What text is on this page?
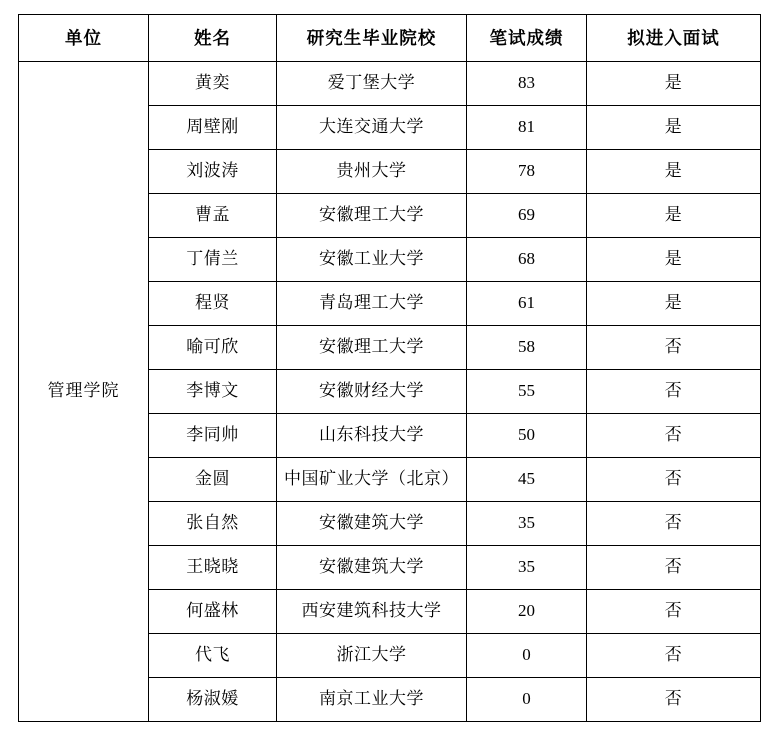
单位	姓名	研究生毕业院校	笔试成绩	拟进入面试
管理学院	黄奕	爱丁堡大学	83	是
	周壁刚	大连交通大学	81	是
	刘波涛	贵州大学	78	是
	曹孟	安徽理工大学	69	是
	丁倩兰	安徽工业大学	68	是
	程贤	青岛理工大学	61	是
	喻可欣	安徽理工大学	58	否
	李博文	安徽财经大学	55	否
	李同帅	山东科技大学	50	否
	金圆	中国矿业大学（北京）	45	否
	张自然	安徽建筑大学	35	否
	王晓晓	安徽建筑大学	35	否
	何盛林	西安建筑科技大学	20	否
	代飞	浙江大学	0	否
	杨淑媛	南京工业大学	0	否
